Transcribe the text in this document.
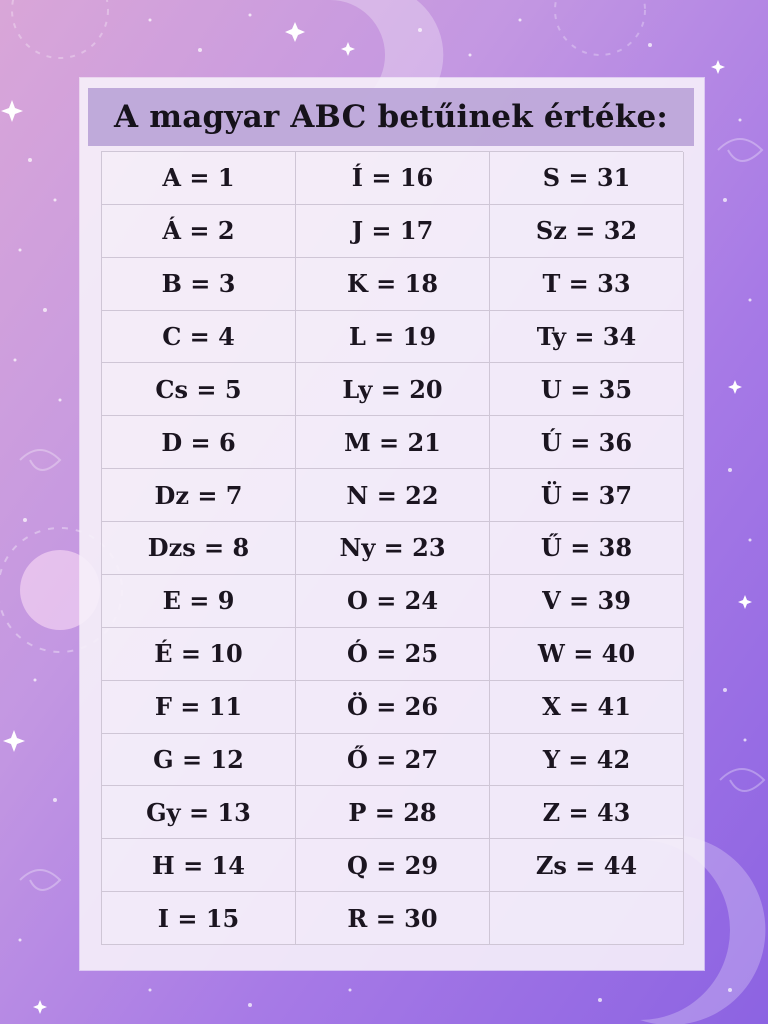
A magyar ABC betűinek értéke:
A = 1	Í = 16	S = 31
Á = 2	J = 17	Sz = 32
B = 3	K = 18	T = 33
C = 4	L = 19	Ty = 34
Cs = 5	Ly = 20	U = 35
D = 6	M = 21	Ú = 36
Dz = 7	N = 22	Ü = 37
Dzs = 8	Ny = 23	Ű = 38
E = 9	O = 24	V = 39
É = 10	Ó = 25	W = 40
F = 11	Ö = 26	X = 41
G = 12	Ő = 27	Y = 42
Gy = 13	P = 28	Z = 43
H = 14	Q = 29	Zs = 44
I = 15	R = 30
